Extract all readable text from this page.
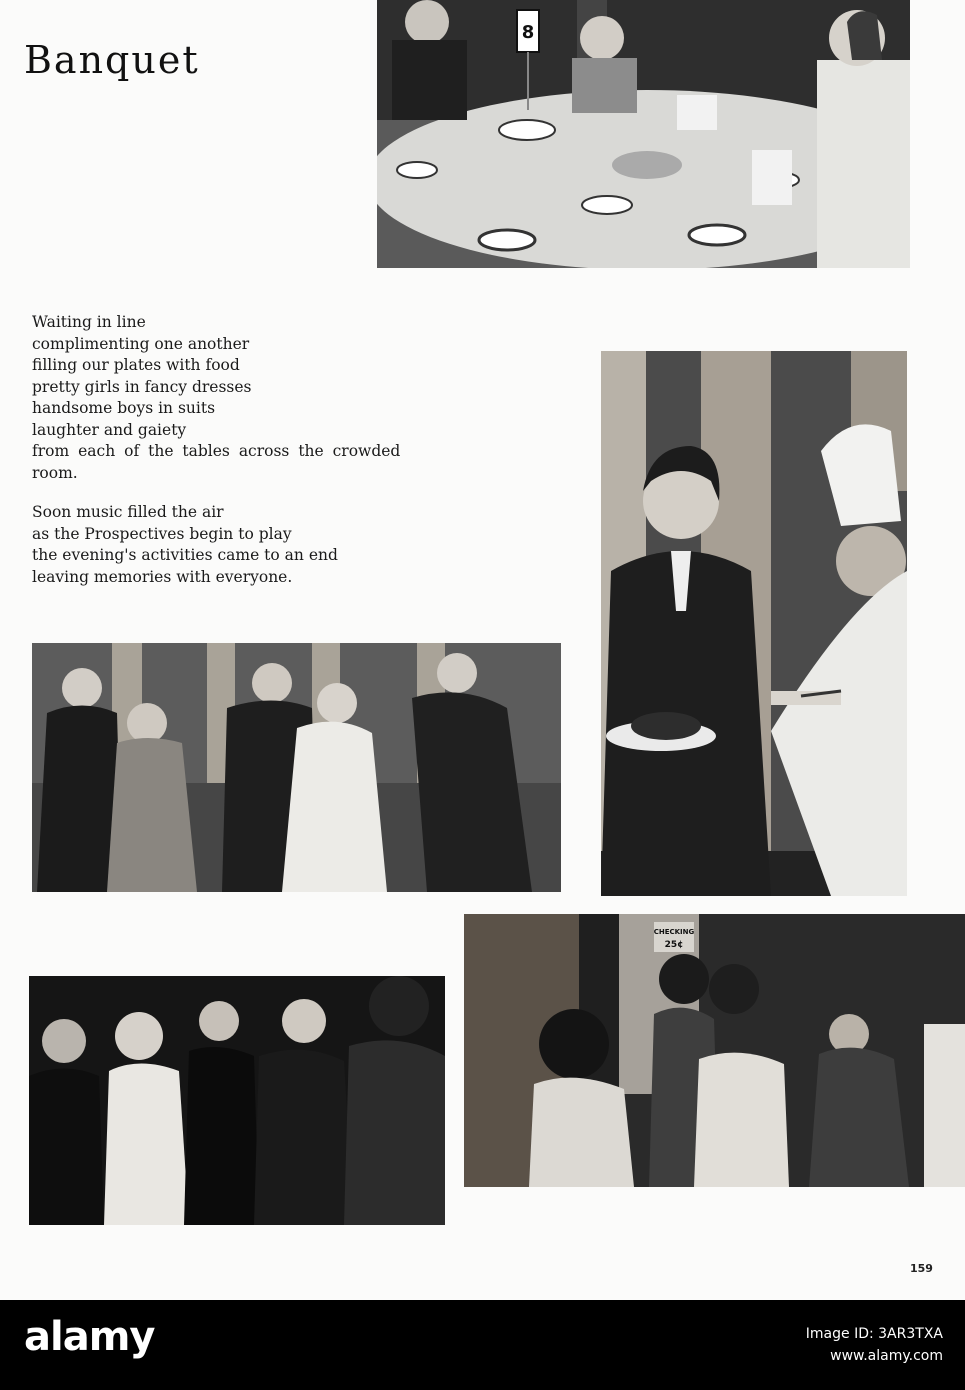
Banquet
8
Waiting in line
complimenting one another
filling our plates with food
pretty girls in fancy dresses
handsome boys in suits
laughter and gaiety
from each of the tables across the crowded
room.
Soon music filled the air
as the Prospectives begin to play
the evening's activities came to an end
leaving memories with everyone.
CHECKING
25¢
159
alamy	Image ID: 3AR3TXA
www.alamy.com
